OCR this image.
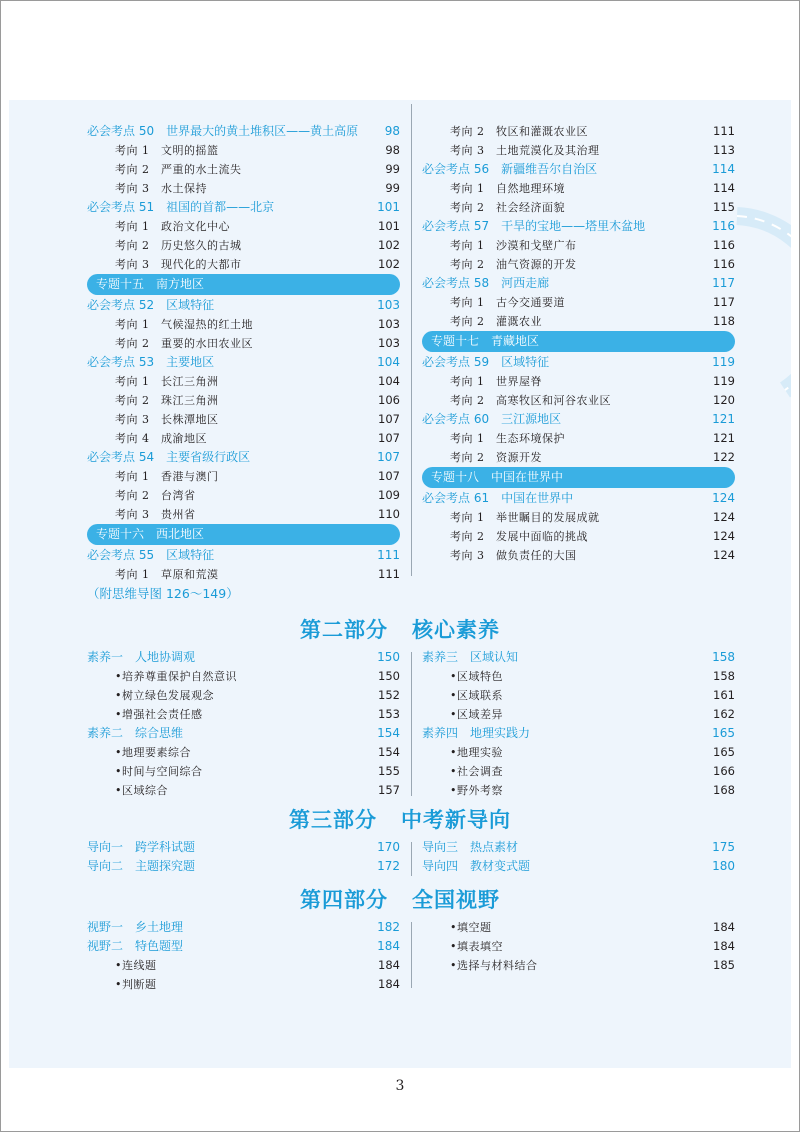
必会考点 50　世界最大的黄土堆积区——黄土高原 98
考向 1　文明的摇篮	98
考向 2　严重的水土流失	99
考向 3　水土保持	99
必会考点 51　祖国的首都——北京	101
考向 1　政治文化中心	101
考向 2　历史悠久的古城	102
考向 3　现代化的大都市	102
专题十五　南方地区
必会考点 52　区域特征	103
考向 1　气候湿热的红土地	103
考向 2　重要的水田农业区	103
必会考点 53　主要地区	104
考向 1　长江三角洲	104
考向 2　珠江三角洲	106
考向 3　长株潭地区	107
考向 4　成渝地区	107
必会考点 54　主要省级行政区	107
考向 1　香港与澳门	107
考向 2　台湾省	109
考向 3　贵州省	110
专题十六　西北地区
必会考点 55　区域特征	111
考向 1　草原和荒漠	111
考向 2　牧区和灌溉农业区	111
考向 3　土地荒漠化及其治理	113
必会考点 56　新疆维吾尔自治区	114
考向 1　自然地理环境	114
考向 2　社会经济面貌	115
必会考点 57　干旱的宝地——塔里木盆地	116
考向 1　沙漠和戈壁广布	116
考向 2　油气资源的开发	116
必会考点 58　河西走廊	117
考向 1　古今交通要道	117
考向 2　灌溉农业	118
专题十七　青藏地区
必会考点 59　区域特征	119
考向 1　世界屋脊	119
考向 2　高寒牧区和河谷农业区	120
必会考点 60　三江源地区	121
考向 1　生态环境保护	121
考向 2　资源开发	122
专题十八　中国在世界中
必会考点 61　中国在世界中	124
考向 1　举世瞩目的发展成就	124
考向 2　发展中面临的挑战	124
考向 3　做负责任的大国	124
（附思维导图 126～149）
第二部分 核心素养
素养一　人地协调观	150
•培养尊重保护自然意识	150
•树立绿色发展观念	152
•增强社会责任感	153
素养二　综合思维	154
•地理要素综合	154
•时间与空间综合	155
•区域综合	157
素养三　区域认知	158
•区域特色	158
•区域联系	161
•区域差异	162
素养四　地理实践力	165
•地理实验	165
•社会调查	166
•野外考察	168
第三部分 中考新导向
导向一　跨学科试题	170
导向二　主题探究题	172
导向三　热点素材	175
导向四　教材变式题	180
第四部分 全国视野
视野一　乡土地理	182
视野二　特色题型	184
•连线题	184
•判断题	184
•填空题	184
•填表填空	184
•选择与材料结合	185
3
